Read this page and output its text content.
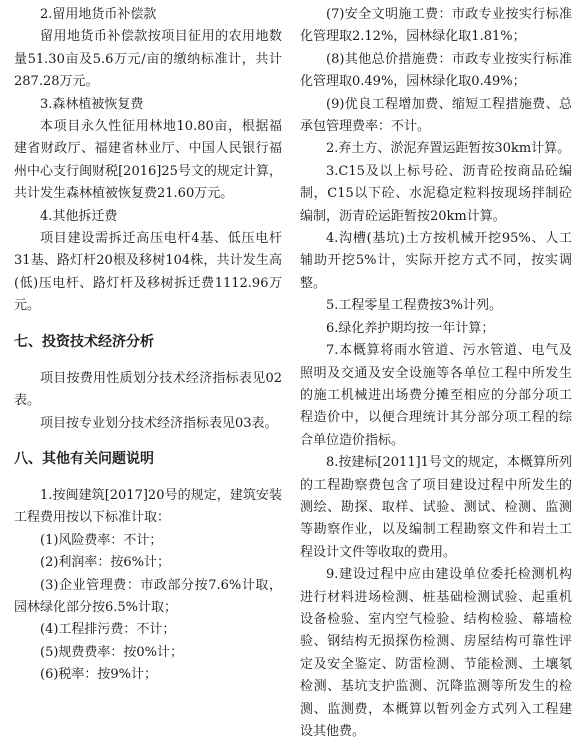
2.留用地货币补偿款

留用地货币补偿款按项目征用的农用地数量51.30亩及5.6万元/亩的缴纳标准计，共计287.28万元。

3.森林植被恢复费

本项目永久性征用林地10.80亩，根据福建省财政厅、福建省林业厅、中国人民银行福州中心支行闽财税[2016]25号文的规定计算，共计发生森林植被恢复费21.60万元。

4.其他拆迁费

项目建设需拆迁高压电杆4基、低压电杆31基、路灯杆20根及移树104株，共计发生高(低)压电杆、路灯杆及移树拆迁费1112.96万元。

七、投资技术经济分析

项目按费用性质划分技术经济指标表见02表。

项目按专业划分技术经济指标表见03表。

八、其他有关问题说明

1.按闽建筑[2017]20号的规定，建筑安装工程费用按以下标准计取：

(1)风险费率：不计；

(2)利润率：按6%计；

(3)企业管理费：市政部分按7.6%计取，园林绿化部分按6.5%计取；

(4)工程排污费：不计；

(5)规费费率：按0%计；

(6)税率：按9%计；

(7)安全文明施工费：市政专业按实行标准化管理取2.12%，园林绿化取1.81%；

(8)其他总价措施费：市政专业按实行标准化管理取0.49%，园林绿化取0.49%；

(9)优良工程增加费、缩短工程措施费、总承包管理费率：不计。

2.弃土方、淤泥弃置运距暂按30km计算。

3.C15及以上标号砼、沥青砼按商品砼编制，C15以下砼、水泥稳定粒料按现场拌制砼编制，沥青砼运距暂按20km计算。

4.沟槽(基坑)土方按机械开挖95%、人工辅助开挖5%计，实际开挖方式不同，按实调整。

5.工程零星工程费按3%计列。

6.绿化养护期均按一年计算；

7.本概算将雨水管道、污水管道、电气及照明及交通及安全设施等各单位工程中所发生的施工机械进出场费分摊至相应的分部分项工程造价中，以便合理统计其分部分项工程的综合单位造价指标。

8.按建标[2011]1号文的规定，本概算所列的工程勘察费包含了项目建设过程中所发生的测绘、勘探、取样、试验、测试、检测、监测等勘察作业，以及编制工程勘察文件和岩土工程设计文件等收取的费用。

9.建设过程中应由建设单位委托检测机构进行材料进场检测、桩基础检测试验、起重机设备检验、室内空气检验、结构检验、幕墙检验、钢结构无损探伤检测、房屋结构可靠性评定及安全鉴定、防雷检测、节能检测、土壤氡检测、基坑支护监测、沉降监测等所发生的检测、监测费，本概算以暂列金方式列入工程建设其他费。
